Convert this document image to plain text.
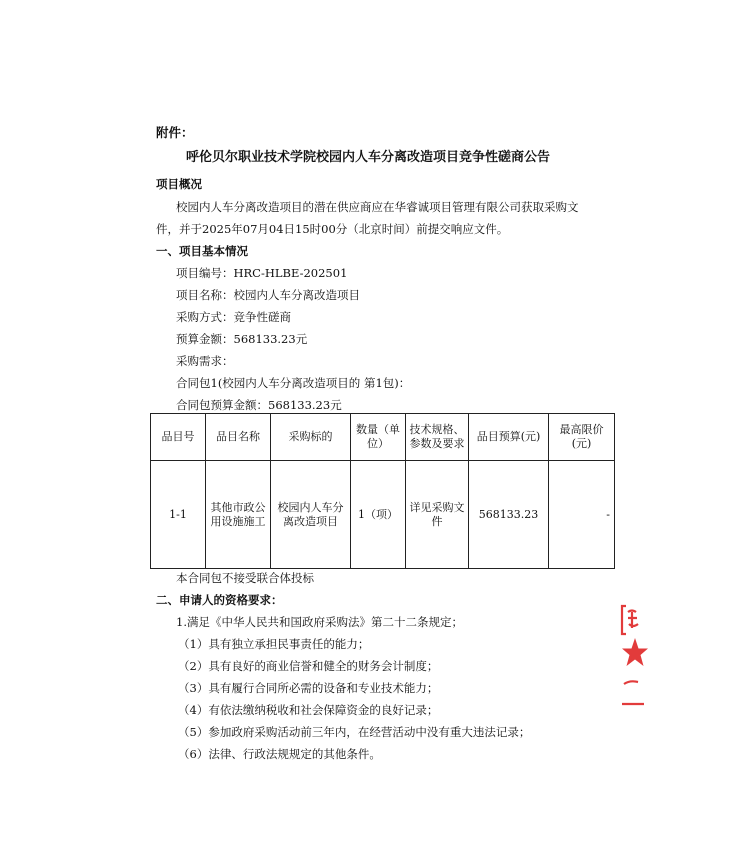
附件：
呼伦贝尔职业技术学院校园内人车分离改造项目竞争性磋商公告
项目概况
校园内人车分离改造项目的潜在供应商应在华睿诚项目管理有限公司获取采购文
件，并于2025年07月04日15时00分（北京时间）前提交响应文件。
一、项目基本情况
项目编号：HRC-HLBE-202501
项目名称：校园内人车分离改造项目
采购方式：竞争性磋商
预算金额：568133.23元
采购需求：
合同包1(校园内人车分离改造项目的 第1包)：
合同包预算金额：568133.23元
品目号	品目名称	采购标的	数量（单位）	技术规格、参数及要求	品目预算(元)	最高限价(元)
1-1	其他市政公用设施施工	校园内人车分离改造项目	1（项）	详见采购文件	568133.23	-
本合同包不接受联合体投标
二、申请人的资格要求：
1.满足《中华人民共和国政府采购法》第二十二条规定；
（1）具有独立承担民事责任的能力；
（2）具有良好的商业信誉和健全的财务会计制度；
（3）具有履行合同所必需的设备和专业技术能力；
（4）有依法缴纳税收和社会保障资金的良好记录；
（5）参加政府采购活动前三年内，在经营活动中没有重大违法记录；
（6）法律、行政法规规定的其他条件。
